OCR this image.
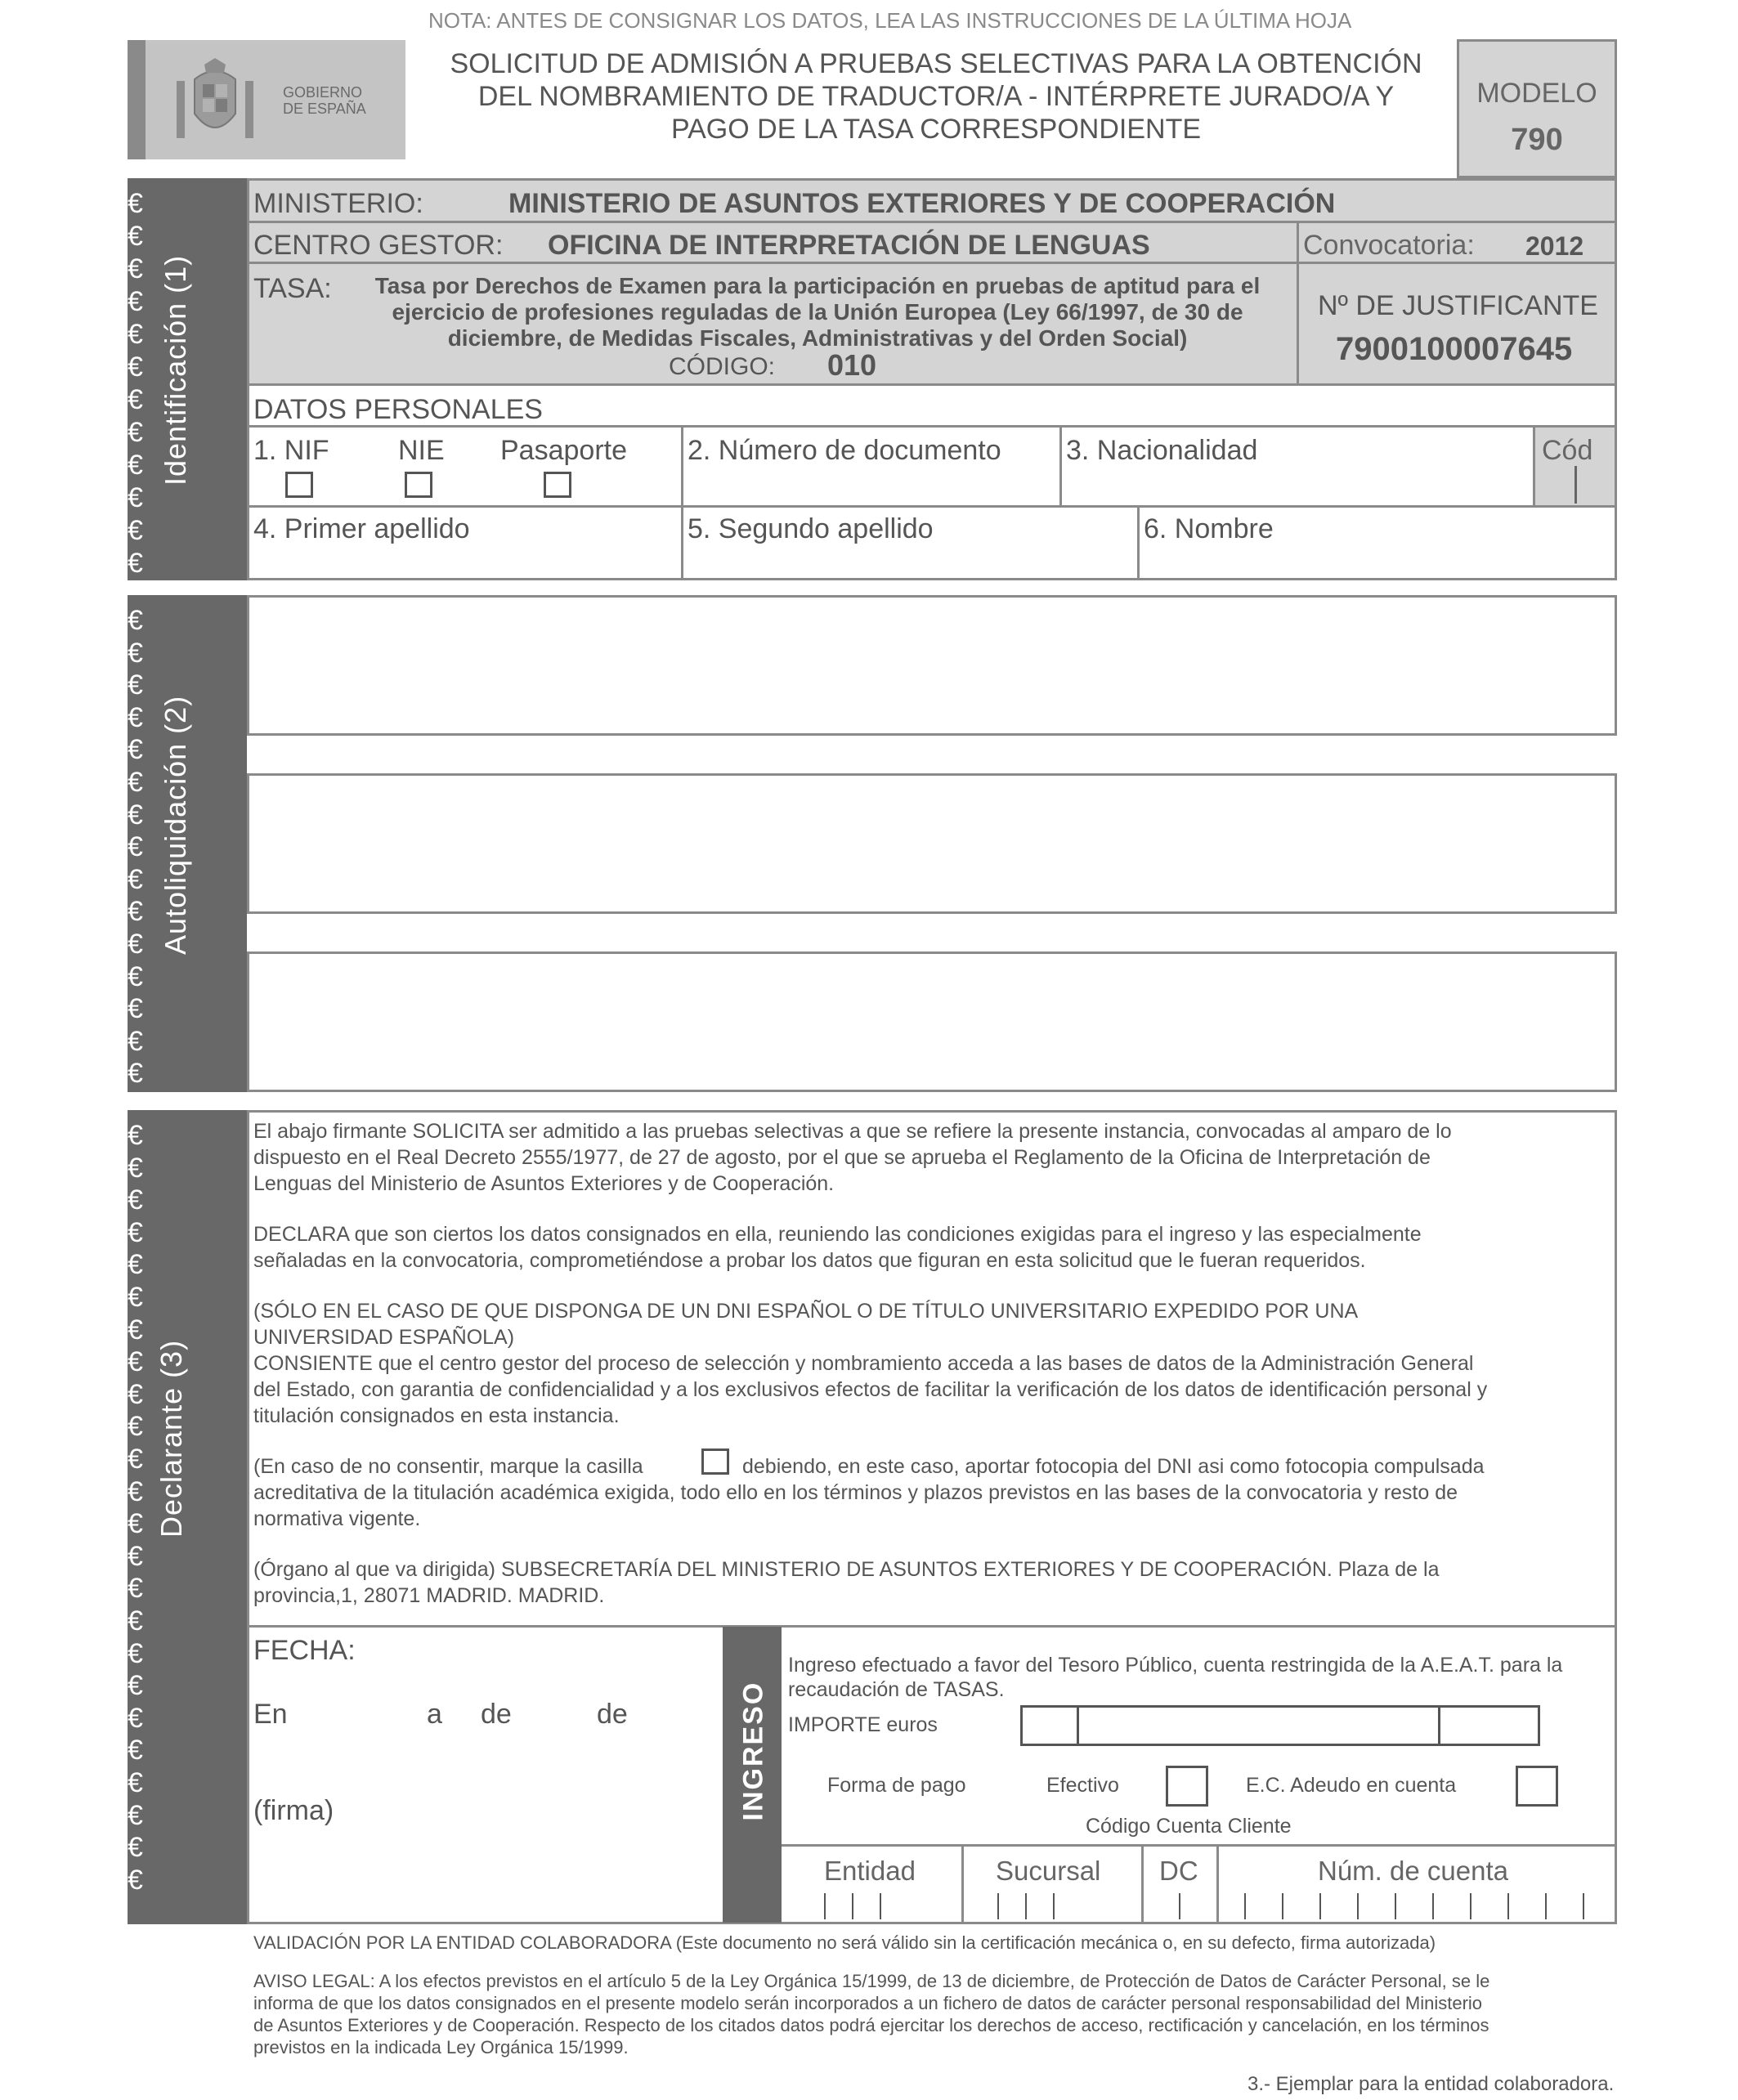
NOTA: ANTES DE CONSIGNAR LOS DATOS, LEA LAS INSTRUCCIONES DE LA ÚLTIMA HOJA
GOBIERNO
DE ESPAÑA
SOLICITUD DE ADMISIÓN A PRUEBAS SELECTIVAS PARA LA OBTENCIÓN
DEL NOMBRAMIENTO DE TRADUCTOR/A - INTÉRPRETE JURADO/A Y
PAGO DE LA TASA CORRESPONDIENTE
MODELO
790
€
€
€
€
€
€
€
€
€
€
€
€
Identificación (1)
MINISTERIO:	MINISTERIO DE ASUNTOS EXTERIORES Y DE COOPERACIÓN
CENTRO GESTOR: OFICINA DE INTERPRETACIÓN DE LENGUAS	Convocatoria: 2012
TASA:	Tasa por Derechos de Examen para la participación en pruebas de aptitud para el
ejercicio de profesiones reguladas de la Unión Europea (Ley 66/1997, de 30 de
diciembre, de Medidas Fiscales, Administrativas y del Orden Social)
CÓDIGO: 010
Nº DE JUSTIFICANTE
7900100007645
DATOS PERSONALES
1. NIF NIE Pasaporte 2. Número de documento 3. Nacionalidad	Cód
4. Primer apellido	5. Segundo apellido	6. Nombre
€
€
€
€
€
€
€
€
€
€
€
€
€
€
€
Autoliquidación (2)
€
€
€
€
€
€
€
€
€
€
€
€
€
€
€
€
€
€
€
€
€
€
€
€
Declarante (3)
El abajo firmante SOLICITA ser admitido a las pruebas selectivas a que se refiere la presente instancia, convocadas al amparo de lo
dispuesto en el Real Decreto 2555/1977, de 27 de agosto, por el que se aprueba el Reglamento de la Oficina de Interpretación de
Lenguas del Ministerio de Asuntos Exteriores y de Cooperación.
DECLARA que son ciertos los datos consignados en ella, reuniendo las condiciones exigidas para el ingreso y las especialmente
señaladas en la convocatoria, comprometiéndose a probar los datos que figuran en esta solicitud que le fueran requeridos.
(SÓLO EN EL CASO DE QUE DISPONGA DE UN DNI ESPAÑOL O DE TÍTULO UNIVERSITARIO EXPEDIDO POR UNA
UNIVERSIDAD ESPAÑOLA)
CONSIENTE que el centro gestor del proceso de selección y nombramiento acceda a las bases de datos de la Administración General
del Estado, con garantia de confidencialidad y a los exclusivos efectos de facilitar la verificación de los datos de identificación personal y
titulación consignados en esta instancia.
(En caso de no consentir, marque la casilla	debiendo, en este caso, aportar fotocopia del DNI asi como fotocopia compulsada
acreditativa de la titulación académica exigida, todo ello en los términos y plazos previstos en las bases de la convocatoria y resto de
normativa vigente.
(Órgano al que va dirigida) SUBSECRETARÍA DEL MINISTERIO DE ASUNTOS EXTERIORES Y DE COOPERACIÓN. Plaza de la
provincia,1, 28071 MADRID. MADRID.
FECHA:
En	a de	de
(firma)	INGRESO
Ingreso efectuado a favor del Tesoro Público, cuenta restringida de la A.E.A.T. para la
recaudación de TASAS.
IMPORTE euros
Forma de pago	Efectivo	E.C. Adeudo en cuenta
Código Cuenta Cliente
Entidad	Sucursal DC	Núm. de cuenta
VALIDACIÓN POR LA ENTIDAD COLABORADORA (Este documento no será válido sin la certificación mecánica o, en su defecto, firma autorizada)
AVISO LEGAL: A los efectos previstos en el artículo 5 de la Ley Orgánica 15/1999, de 13 de diciembre, de Protección de Datos de Carácter Personal, se le
informa de que los datos consignados en el presente modelo serán incorporados a un fichero de datos de carácter personal responsabilidad del Ministerio
de Asuntos Exteriores y de Cooperación. Respecto de los citados datos podrá ejercitar los derechos de acceso, rectificación y cancelación, en los términos
previstos en la indicada Ley Orgánica 15/1999.
3.- Ejemplar para la entidad colaboradora.
